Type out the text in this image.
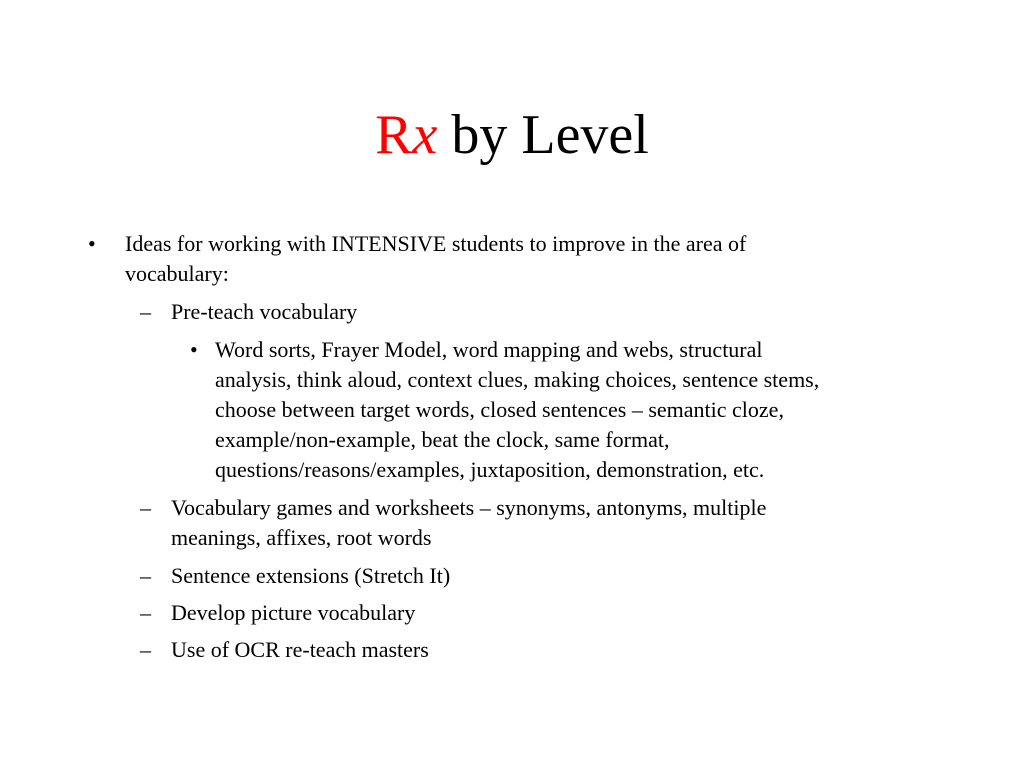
Rx by Level
• Ideas for working with INTENSIVE students to improve in the area of
vocabulary:
– Pre-teach vocabulary
• Word sorts, Frayer Model, word mapping and webs, structural
analysis, think aloud, context clues, making choices, sentence stems,
choose between target words, closed sentences – semantic cloze,
example/non-example, beat the clock, same format,
questions/reasons/examples, juxtaposition, demonstration, etc.
– Vocabulary games and worksheets – synonyms, antonyms, multiple
meanings, affixes, root words
– Sentence extensions (Stretch It)
– Develop picture vocabulary
– Use of OCR re-teach masters
